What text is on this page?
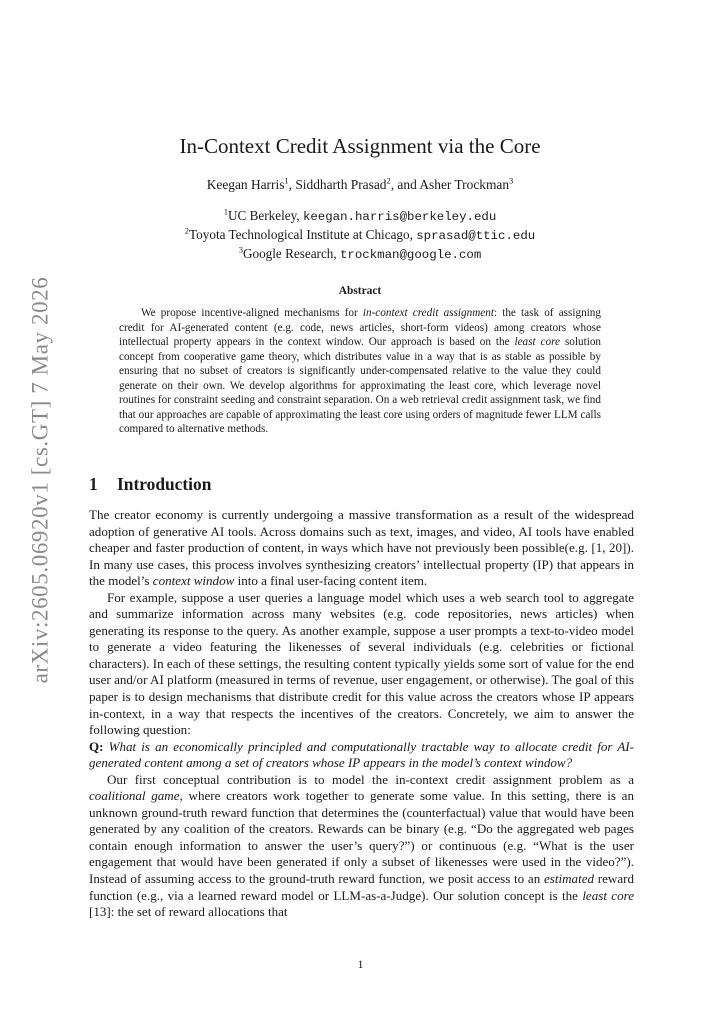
arXiv:2605.06920v1 [cs.GT] 7 May 2026
In-Context Credit Assignment via the Core
Keegan Harris$^1$, Siddharth Prasad$^2$, and Asher Trockman$^3$
$^1$UC Berkeley, keegan.harris@berkeley.edu
$^2$Toyota Technological Institute at Chicago, sprasad@ttic.edu
$^3$Google Research, trockman@google.com
Abstract

We propose incentive-aligned mechanisms for in-context credit assignment: the task of assigning credit for AI-generated content (e.g. code, news articles, short-form videos) among creators whose intellectual property appears in the context window. Our approach is based on the least core solution concept from cooperative game theory, which distributes value in a way that is as stable as possible by ensuring that no subset of creators is significantly under-compensated relative to the value they could generate on their own. We develop algorithms for approximating the least core, which leverage novel routines for constraint seeding and constraint separation. On a web retrieval credit assignment task, we find that our approaches are capable of approximating the least core using orders of magnitude fewer LLM calls compared to alternative methods.

1 Introduction

The creator economy is currently undergoing a massive transformation as a result of the widespread adoption of generative AI tools. Across domains such as text, images, and video, AI tools have enabled cheaper and faster production of content, in ways which have not previously been possible(e.g. [1, 20]). In many use cases, this process involves synthesizing creators’ intellectual property (IP) that appears in the model’s context window into a final user-facing content item.

For example, suppose a user queries a language model which uses a web search tool to aggregate and summarize information across many websites (e.g. code repositories, news articles) when generating its response to the query. As another example, suppose a user prompts a text-to-video model to generate a video featuring the likenesses of several individuals (e.g. celebrities or fictional characters). In each of these settings, the resulting content typically yields some sort of value for the end user and/or AI platform (measured in terms of revenue, user engagement, or otherwise). The goal of this paper is to design mechanisms that distribute credit for this value across the creators whose IP appears in-context, in a way that respects the incentives of the creators. Concretely, we aim to answer the following question:

Q: What is an economically principled and computationally tractable way to allocate credit for AI-generated content among a set of creators whose IP appears in the model’s context window?

Our first conceptual contribution is to model the in-context credit assignment problem as a coalitional game, where creators work together to generate some value. In this setting, there is an unknown ground-truth reward function that determines the (counterfactual) value that would have been generated by any coalition of the creators. Rewards can be binary (e.g. “Do the aggregated web pages contain enough information to answer the user’s query?”) or continuous (e.g. “What is the user engagement that would have been generated if only a subset of likenesses were used in the video?”). Instead of assuming access to the ground-truth reward function, we posit access to an estimated reward function (e.g., via a learned reward model or LLM-as-a-Judge). Our solution concept is the least core [13]: the set of reward allocations that

1
